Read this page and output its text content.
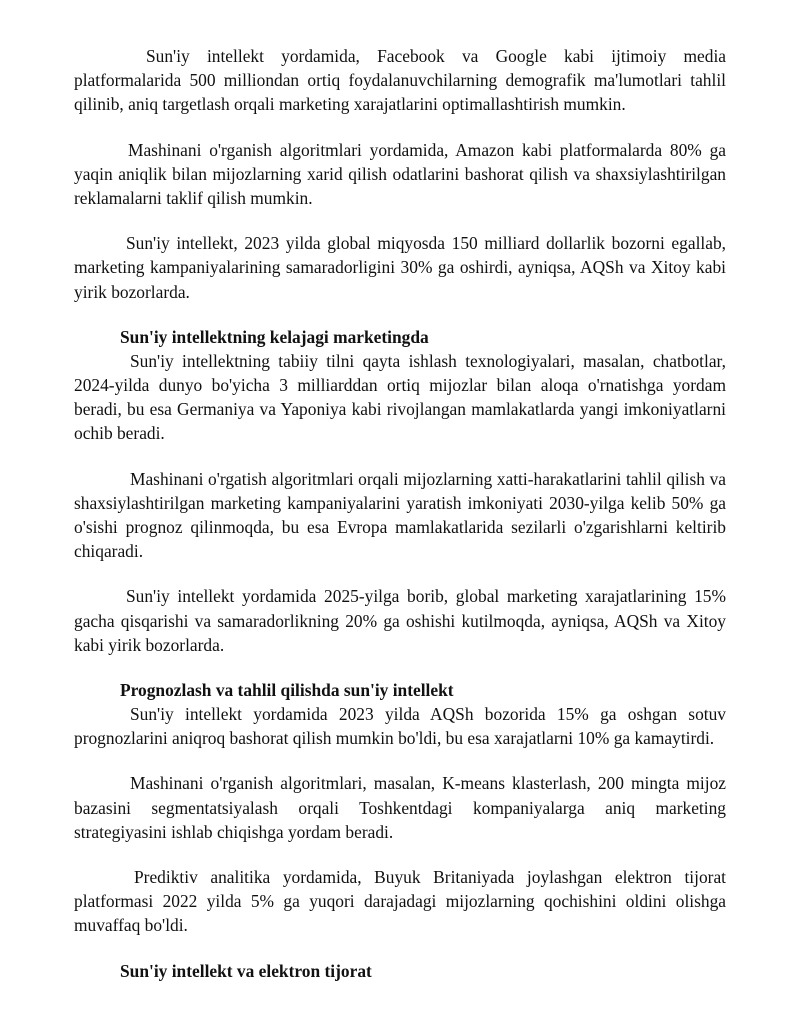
Sun'iy intellekt yordamida, Facebook va Google kabi ijtimoiy media platformalarida 500 milliondan ortiq foydalanuvchilarning demografik ma'lumotlari tahlil qilinib, aniq targetlash orqali marketing xarajatlarini optimallashtirish mumkin.

Mashinani o'rganish algoritmlari yordamida, Amazon kabi platformalarda 80% ga yaqin aniqlik bilan mijozlarning xarid qilish odatlarini bashorat qilish va shaxsiylashtirilgan reklamalarni taklif qilish mumkin.

Sun'iy intellekt, 2023 yilda global miqyosda 150 milliard dollarlik bozorni egallab, marketing kampaniyalarining samaradorligini 30% ga oshirdi, ayniqsa, AQSh va Xitoy kabi yirik bozorlarda.

Sun'iy intellektning kelajagi marketingda

Sun'iy intellektning tabiiy tilni qayta ishlash texnologiyalari, masalan, chatbotlar, 2024-yilda dunyo bo'yicha 3 milliarddan ortiq mijozlar bilan aloqa o'rnatishga yordam beradi, bu esa Germaniya va Yaponiya kabi rivojlangan mamlakatlarda yangi imkoniyatlarni ochib beradi.

Mashinani o'rgatish algoritmlari orqali mijozlarning xatti-harakatlarini tahlil qilish va shaxsiylashtirilgan marketing kampaniyalarini yaratish imkoniyati 2030-yilga kelib 50% ga o'sishi prognoz qilinmoqda, bu esa Evropa mamlakatlarida sezilarli o'zgarishlarni keltirib chiqaradi.

Sun'iy intellekt yordamida 2025-yilga borib, global marketing xarajatlarining 15% gacha qisqarishi va samaradorlikning 20% ga oshishi kutilmoqda, ayniqsa, AQSh va Xitoy kabi yirik bozorlarda.

Prognozlash va tahlil qilishda sun'iy intellekt

Sun'iy intellekt yordamida 2023 yilda AQSh bozorida 15% ga oshgan sotuv prognozlarini aniqroq bashorat qilish mumkin bo'ldi, bu esa xarajatlarni 10% ga kamaytirdi.

Mashinani o'rganish algoritmlari, masalan, K-means klasterlash, 200 mingta mijoz bazasini segmentatsiyalash orqali Toshkentdagi kompaniyalarga aniq marketing strategiyasini ishlab chiqishga yordam beradi.

Prediktiv analitika yordamida, Buyuk Britaniyada joylashgan elektron tijorat platformasi 2022 yilda 5% ga yuqori darajadagi mijozlarning qochishini oldini olishga muvaffaq bo'ldi.

Sun'iy intellekt va elektron tijorat
